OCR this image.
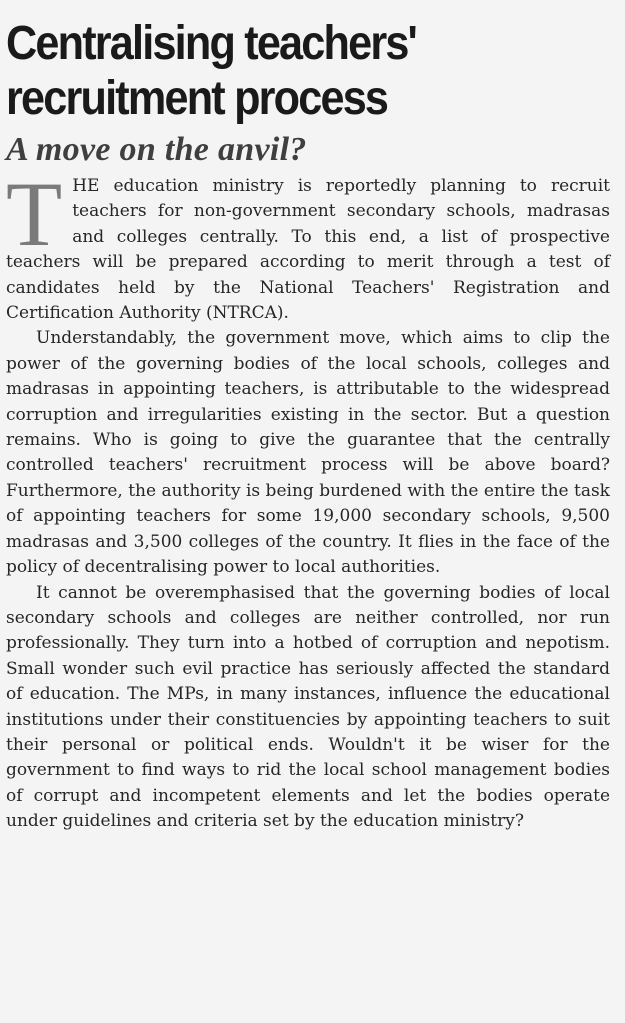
Centralising teachers' recruitment process
A move on the anvil?

THE education ministry is reportedly planning to recruit teachers for non-government secondary schools, madrasas and colleges centrally. To this end, a list of prospective teachers will be prepared according to merit through a test of candidates held by the National Teachers' Registration and Certification Authority (NTRCA).

Understandably, the government move, which aims to clip the power of the governing bodies of the local schools, colleges and madrasas in appointing teachers, is attributable to the widespread corruption and irregularities existing in the sector. But a question remains. Who is going to give the guarantee that the centrally controlled teachers' recruitment process will be above board? Furthermore, the authority is being burdened with the entire the task of appointing teachers for some 19,000 secondary schools, 9,500 madrasas and 3,500 colleges of the country. It flies in the face of the policy of decentralising power to local authorities.

It cannot be overemphasised that the governing bodies of local secondary schools and colleges are neither controlled, nor run professionally. They turn into a hotbed of corruption and nepotism. Small wonder such evil practice has seriously affected the standard of education. The MPs, in many instances, influence the educational institutions under their constituencies by appointing teachers to suit their personal or political ends. Wouldn't it be wiser for the government to find ways to rid the local school management bodies of corrupt and incompetent elements and let the bodies operate under guidelines and criteria set by the education ministry?
